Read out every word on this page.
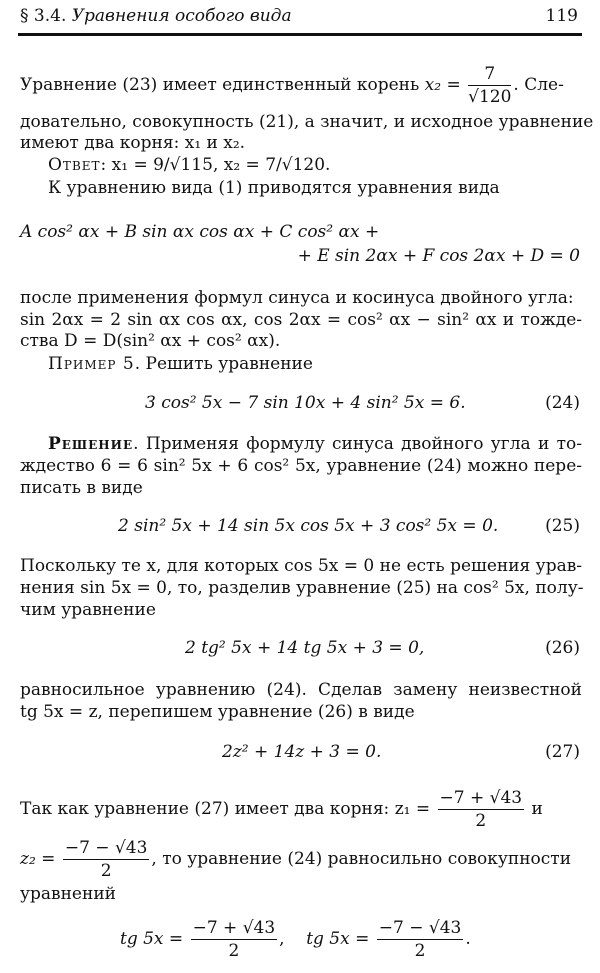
§ 3.4. Уравнения особого вида	119
Уравнение (23) имеет единственный корень $x_2 = \frac{7}{√120}$ . Сле-
довательно, совокупность (21), а значит, и исходное уравнение
имеют два корня: x₁ и x₂.
Ответ: x₁ = 9/√115, x₂ = 7/√120.
К уравнению вида (1) приводятся уравнения вида
A cos² αx + B sin αx cos αx + C cos² αx +
+ E sin 2αx + F cos 2αx + D = 0
после применения формул синуса и косинуса двойного угла:
sin 2αx = 2 sin αx cos αx, cos 2αx = cos² αx − sin² αx и тожде-
ства D = D(sin² αx + cos² αx).
Пример 5. Решить уравнение
3 cos² 5x − 7 sin 10x + 4 sin² 5x = 6.	(24)
Решение. Применяя формулу синуса двойного угла и то-
ждество 6 = 6 sin² 5x + 6 cos² 5x, уравнение (24) можно пере-
писать в виде
2 sin² 5x + 14 sin 5x cos 5x + 3 cos² 5x = 0.	(25)
Поскольку те x, для которых cos 5x = 0 не есть решения урав-
нения sin 5x = 0, то, разделив уравнение (25) на cos² 5x, полу-
чим уравнение
2 tg² 5x + 14 tg 5x + 3 = 0,	(26)
равносильное уравнению (24). Сделав замену неизвестной
tg 5x = z, перепишем уравнение (26) в виде
2z² + 14z + 3 = 0.	(27)
Так как уравнение (27) имеет два корня: $z_1 = \frac{-7 + √43}{2}$ и
$z_2 = \frac{-7 - √43}{2}$ , то уравнение (24) равносильно совокупности
уравнений
tg $5x = \frac{-7 + √43}{2}$ , tg $5x = \frac{-7 - √43}{2}$ .
